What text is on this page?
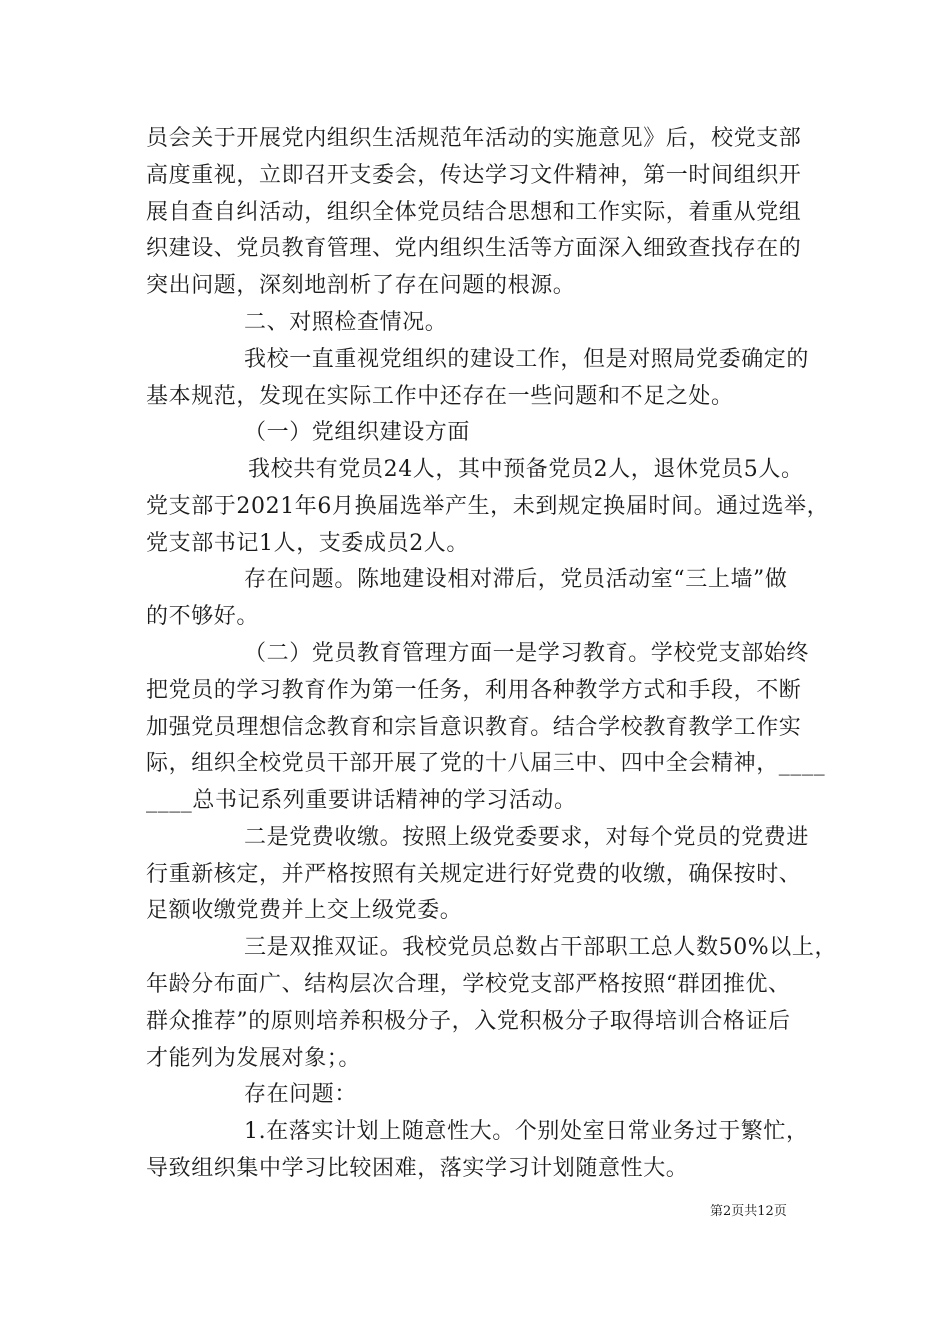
员会关于开展党内组织生活规范年活动的实施意见》后，校党支部
高度重视，立即召开支委会，传达学习文件精神，第一时间组织开
展自查自纠活动，组织全体党员结合思想和工作实际，着重从党组
织建设、党员教育管理、党内组织生活等方面深入细致查找存在的
突出问题，深刻地剖析了存在问题的根源。
二、对照检查情况。
我校一直重视党组织的建设工作，但是对照局党委确定的
基本规范，发现在实际工作中还存在一些问题和不足之处。
（一）党组织建设方面
我校共有党员24人，其中预备党员2人，退休党员5人。
党支部于2021年6月换届选举产生，未到规定换届时间。通过选举，
党支部书记1人，支委成员2人。
存在问题。陈地建设相对滞后，党员活动室“三上墙”做
的不够好。
（二）党员教育管理方面一是学习教育。学校党支部始终
把党员的学习教育作为第一任务，利用各种教学方式和手段，不断
加强党员理想信念教育和宗旨意识教育。结合学校教育教学工作实
际，组织全校党员干部开展了党的十八届三中、四中全会精神，____
____总书记系列重要讲话精神的学习活动。
二是党费收缴。按照上级党委要求，对每个党员的党费进
行重新核定，并严格按照有关规定进行好党费的收缴，确保按时、
足额收缴党费并上交上级党委。
三是双推双证。我校党员总数占干部职工总人数50%以上，
年龄分布面广、结构层次合理，学校党支部严格按照“群团推优、
群众推荐”的原则培养积极分子，入党积极分子取得培训合格证后
才能列为发展对象；。
存在问题：
1.在落实计划上随意性大。个别处室日常业务过于繁忙，
导致组织集中学习比较困难，落实学习计划随意性大。
第2页共12页
